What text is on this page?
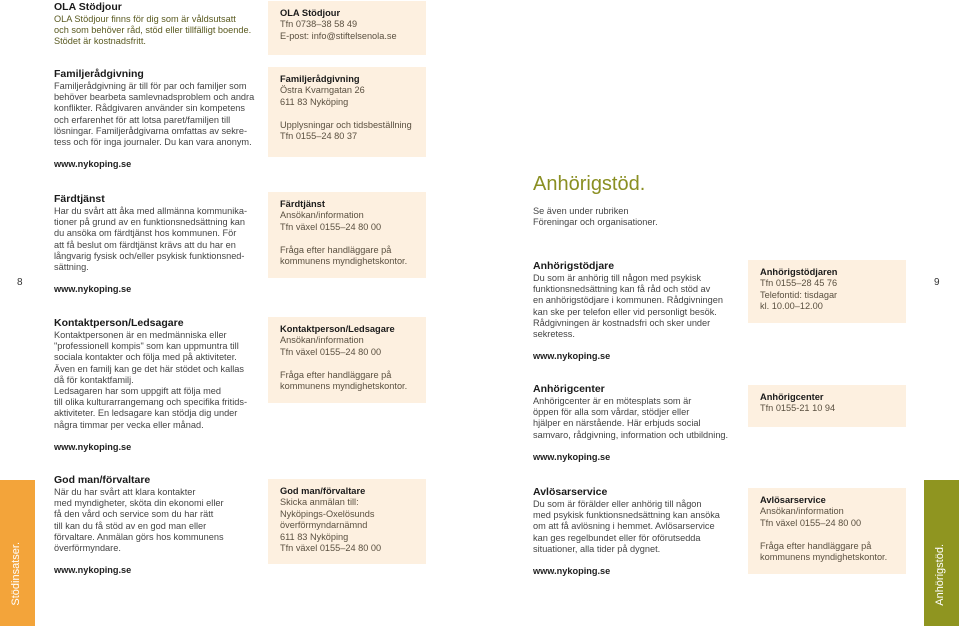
OLA Stödjour
OLA Stödjour finns för dig som är våldsutsatt
och som behöver råd, stöd eller tillfälligt boende.
Stödet är kostnadsfritt.
Familjerådgivning
Familjerådgivning är till för par och familjer som
behöver bearbeta samlevnadsproblem och andra
konflikter. Rådgivaren använder sin kompetens
och erfarenhet för att lotsa paret/familjen till
lösningar. Familjerådgivarna omfattas av sekre-
tess och för inga journaler. Du kan vara anonym.
www.nykoping.se
Färdtjänst
Har du svårt att åka med allmänna kommunika-
tioner på grund av en funktionsnedsättning kan
du ansöka om färdtjänst hos kommunen. För
att få beslut om färdtjänst krävs att du har en
långvarig fysisk och/eller psykisk funktionsned-
sättning.
www.nykoping.se
Kontaktperson/Ledsagare
Kontaktpersonen är en medmänniska eller
"professionell kompis" som kan uppmuntra till
sociala kontakter och följa med på aktiviteter.
Även en familj kan ge det här stödet och kallas
då för kontaktfamilj.
Ledsagaren har som uppgift att följa med
till olika kulturarrangemang och specifika fritids-
aktiviteter. En ledsagare kan stödja dig under
några timmar per vecka eller månad.
www.nykoping.se
God man/förvaltare
När du har svårt att klara kontakter
med myndigheter, sköta din ekonomi eller
få den vård och service som du har rätt
till kan du få stöd av en god man eller
förvaltare. Anmälan görs hos kommunens
överförmyndare.
www.nykoping.se
OLA Stödjour
Tfn 0738–38 58 49
E-post: info@stiftelsenola.se
Familjerådgivning
Östra Kvarngatan 26
611 83 Nyköping

Upplysningar och tidsbeställning
Tfn 0155–24 80 37
Färdtjänst
Ansökan/information
Tfn växel 0155–24 80 00

Fråga efter handläggare på
kommunens myndighetskontor.
Kontaktperson/Ledsagare
Ansökan/information
Tfn växel 0155–24 80 00

Fråga efter handläggare på
kommunens myndighetskontor.
God man/förvaltare
Skicka anmälan till:
Nyköpings-Oxelösunds
överförmyndarnämnd
611 83 Nyköping
Tfn växel 0155–24 80 00
8	9
Anhörigstöd.
Se även under rubriken
Föreningar och organisationer.
Anhörigstödjare
Du som är anhörig till någon med psykisk
funktionsnedsättning kan få råd och stöd av
en anhörigstödjare i kommunen. Rådgivningen
kan ske per telefon eller vid personligt besök.
Rådgivningen är kostnadsfri och sker under
sekretess.
www.nykoping.se
Anhörigcenter
Anhörigcenter är en mötesplats som är
öppen för alla som vårdar, stödjer eller
hjälper en närstående. Här erbjuds social
samvaro, rådgivning, information och utbildning.
www.nykoping.se
Avlösarservice
Du som är förälder eller anhörig till någon
med psykisk funktionsnedsättning kan ansöka
om att få avlösning i hemmet. Avlösarservice
kan ges regelbundet eller för oförutsedda
situationer, alla tider på dygnet.
www.nykoping.se
Anhörigstödjaren
Tfn 0155–28 45 76
Telefontid: tisdagar
kl. 10.00–12.00
Anhörigcenter
Tfn 0155-21 10 94
Avlösarservice
Ansökan/information
Tfn växel 0155–24 80 00

Fråga efter handläggare på
kommunens myndighetskontor.
Stödinsatser.	Anhörigstöd.
